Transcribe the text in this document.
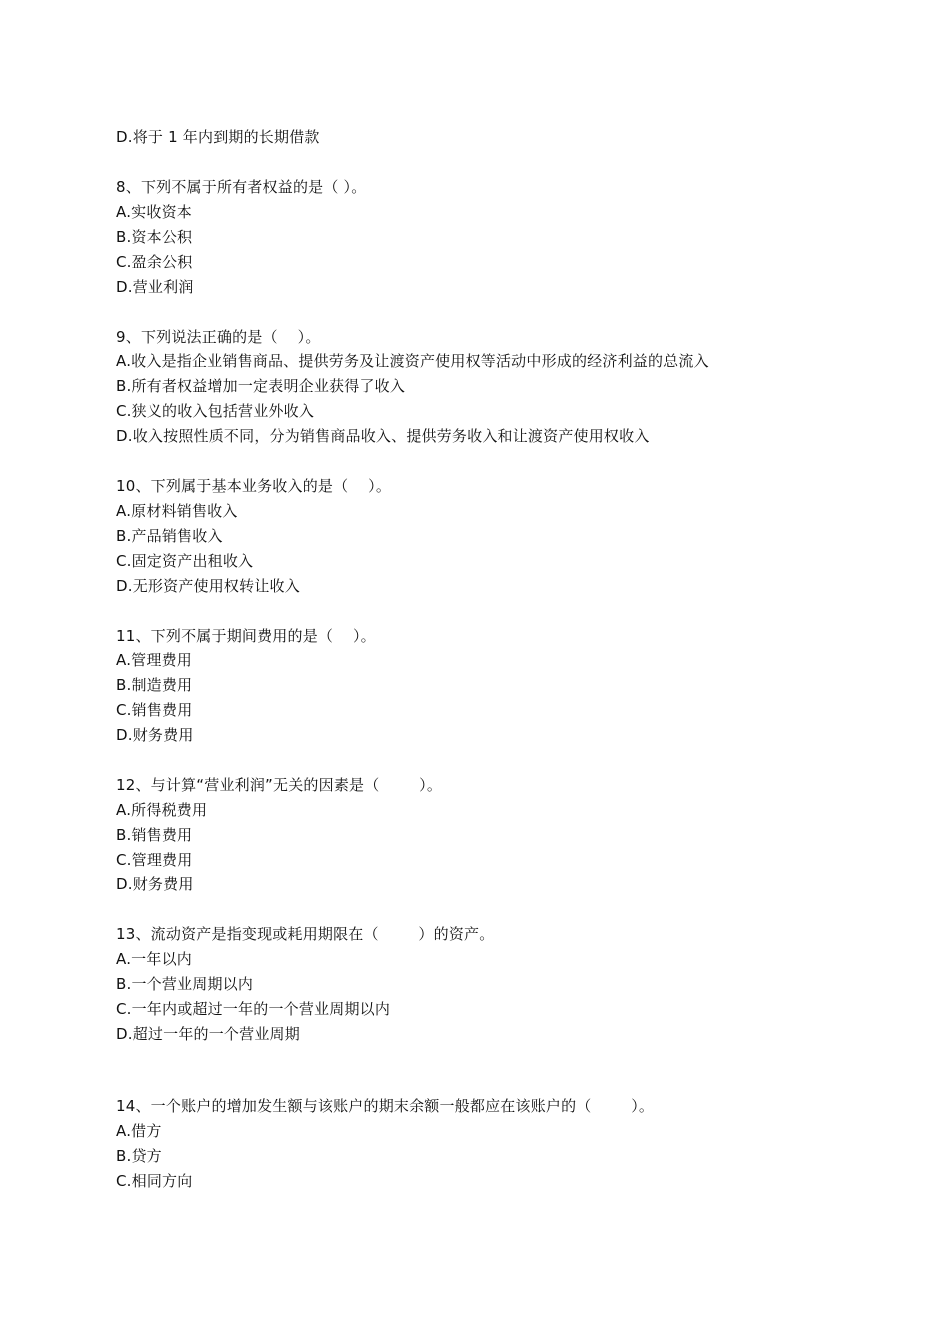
D.将于 1 年内到期的长期借款
8、下列不属于所有者权益的是（ ）。
A.实收资本
B.资本公积
C.盈余公积
D.营业利润
9、下列说法正确的是（    ）。
A.收入是指企业销售商品、提供劳务及让渡资产使用权等活动中形成的经济利益的总流入
B.所有者权益增加一定表明企业获得了收入
C.狭义的收入包括营业外收入
D.收入按照性质不同，分为销售商品收入、提供劳务收入和让渡资产使用权收入
10、下列属于基本业务收入的是（    ）。
A.原材料销售收入
B.产品销售收入
C.固定资产出租收入
D.无形资产使用权转让收入
11、下列不属于期间费用的是（    ）。
A.管理费用
B.制造费用
C.销售费用
D.财务费用
12、与计算“营业利润”无关的因素是（        ）。
A.所得税费用
B.销售费用
C.管理费用
D.财务费用
13、流动资产是指变现或耗用期限在（        ）的资产。
A.一年以内
B.一个营业周期以内
C.一年内或超过一年的一个营业周期以内
D.超过一年的一个营业周期
14、一个账户的增加发生额与该账户的期末余额一般都应在该账户的（        ）。
A.借方
B.贷方
C.相同方向
